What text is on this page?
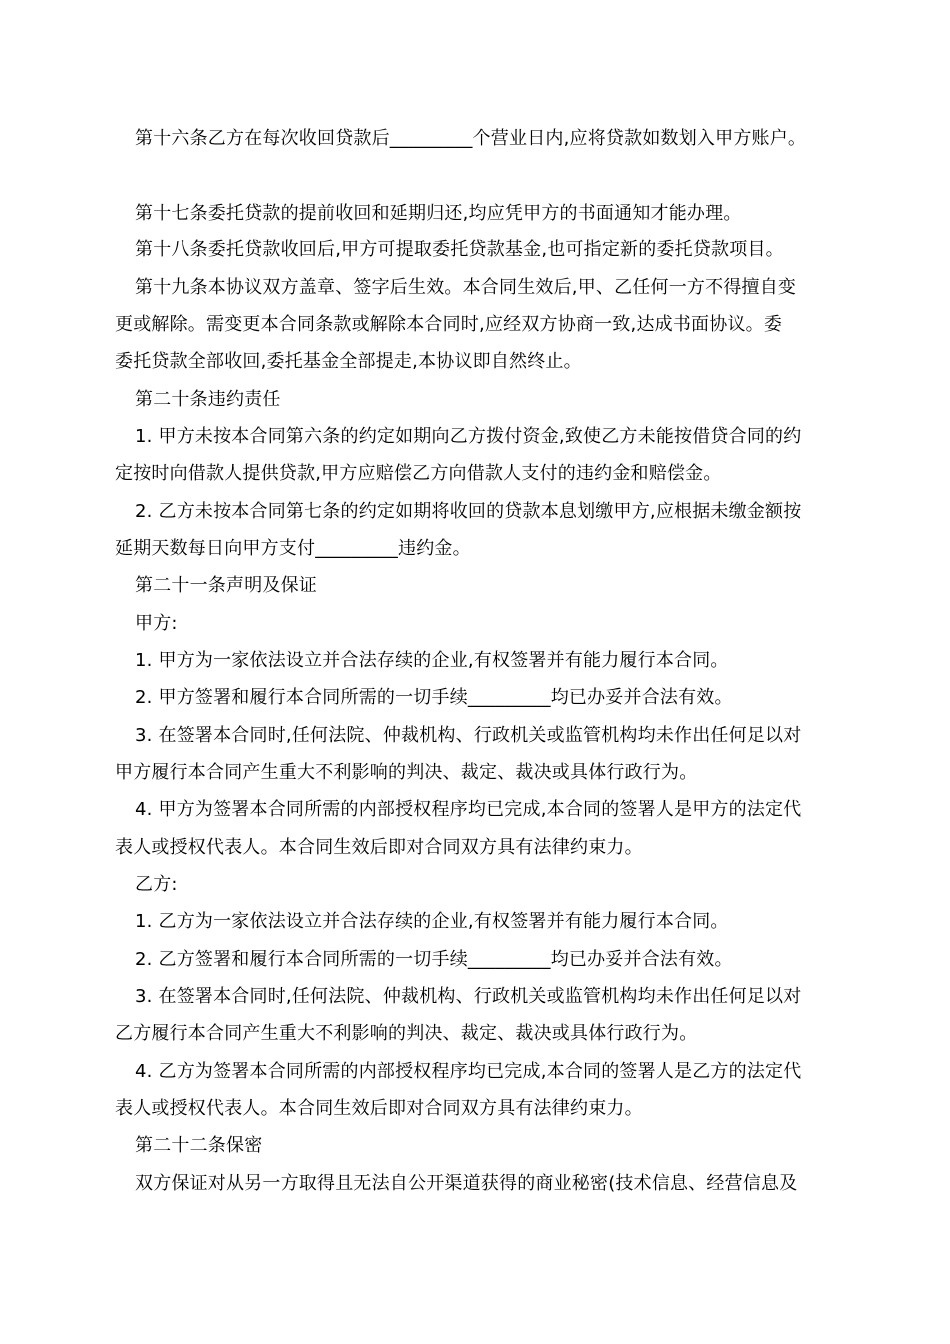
第十六条乙方在每次收回贷款后_________个营业日内,应将贷款如数划入甲方账户。
第十七条委托贷款的提前收回和延期归还,均应凭甲方的书面通知才能办理。
第十八条委托贷款收回后,甲方可提取委托贷款基金,也可指定新的委托贷款项目。
第十九条本协议双方盖章、签字后生效。本合同生效后,甲、乙任何一方不得擅自变
更或解除。需变更本合同条款或解除本合同时,应经双方协商一致,达成书面协议。委
委托贷款全部收回,委托基金全部提走,本协议即自然终止。
第二十条违约责任
1. 甲方未按本合同第六条的约定如期向乙方拨付资金,致使乙方未能按借贷合同的约
定按时向借款人提供贷款,甲方应赔偿乙方向借款人支付的违约金和赔偿金。
2. 乙方未按本合同第七条的约定如期将收回的贷款本息划缴甲方,应根据未缴金额按
延期天数每日向甲方支付_________违约金。
第二十一条声明及保证
甲方:
1. 甲方为一家依法设立并合法存续的企业,有权签署并有能力履行本合同。
2. 甲方签署和履行本合同所需的一切手续_________均已办妥并合法有效。
3. 在签署本合同时,任何法院、仲裁机构、行政机关或监管机构均未作出任何足以对
甲方履行本合同产生重大不利影响的判决、裁定、裁决或具体行政行为。
4. 甲方为签署本合同所需的内部授权程序均已完成,本合同的签署人是甲方的法定代
表人或授权代表人。本合同生效后即对合同双方具有法律约束力。
乙方:
1. 乙方为一家依法设立并合法存续的企业,有权签署并有能力履行本合同。
2. 乙方签署和履行本合同所需的一切手续_________均已办妥并合法有效。
3. 在签署本合同时,任何法院、仲裁机构、行政机关或监管机构均未作出任何足以对
乙方履行本合同产生重大不利影响的判决、裁定、裁决或具体行政行为。
4. 乙方为签署本合同所需的内部授权程序均已完成,本合同的签署人是乙方的法定代
表人或授权代表人。本合同生效后即对合同双方具有法律约束力。
第二十二条保密
双方保证对从另一方取得且无法自公开渠道获得的商业秘密(技术信息、经营信息及
